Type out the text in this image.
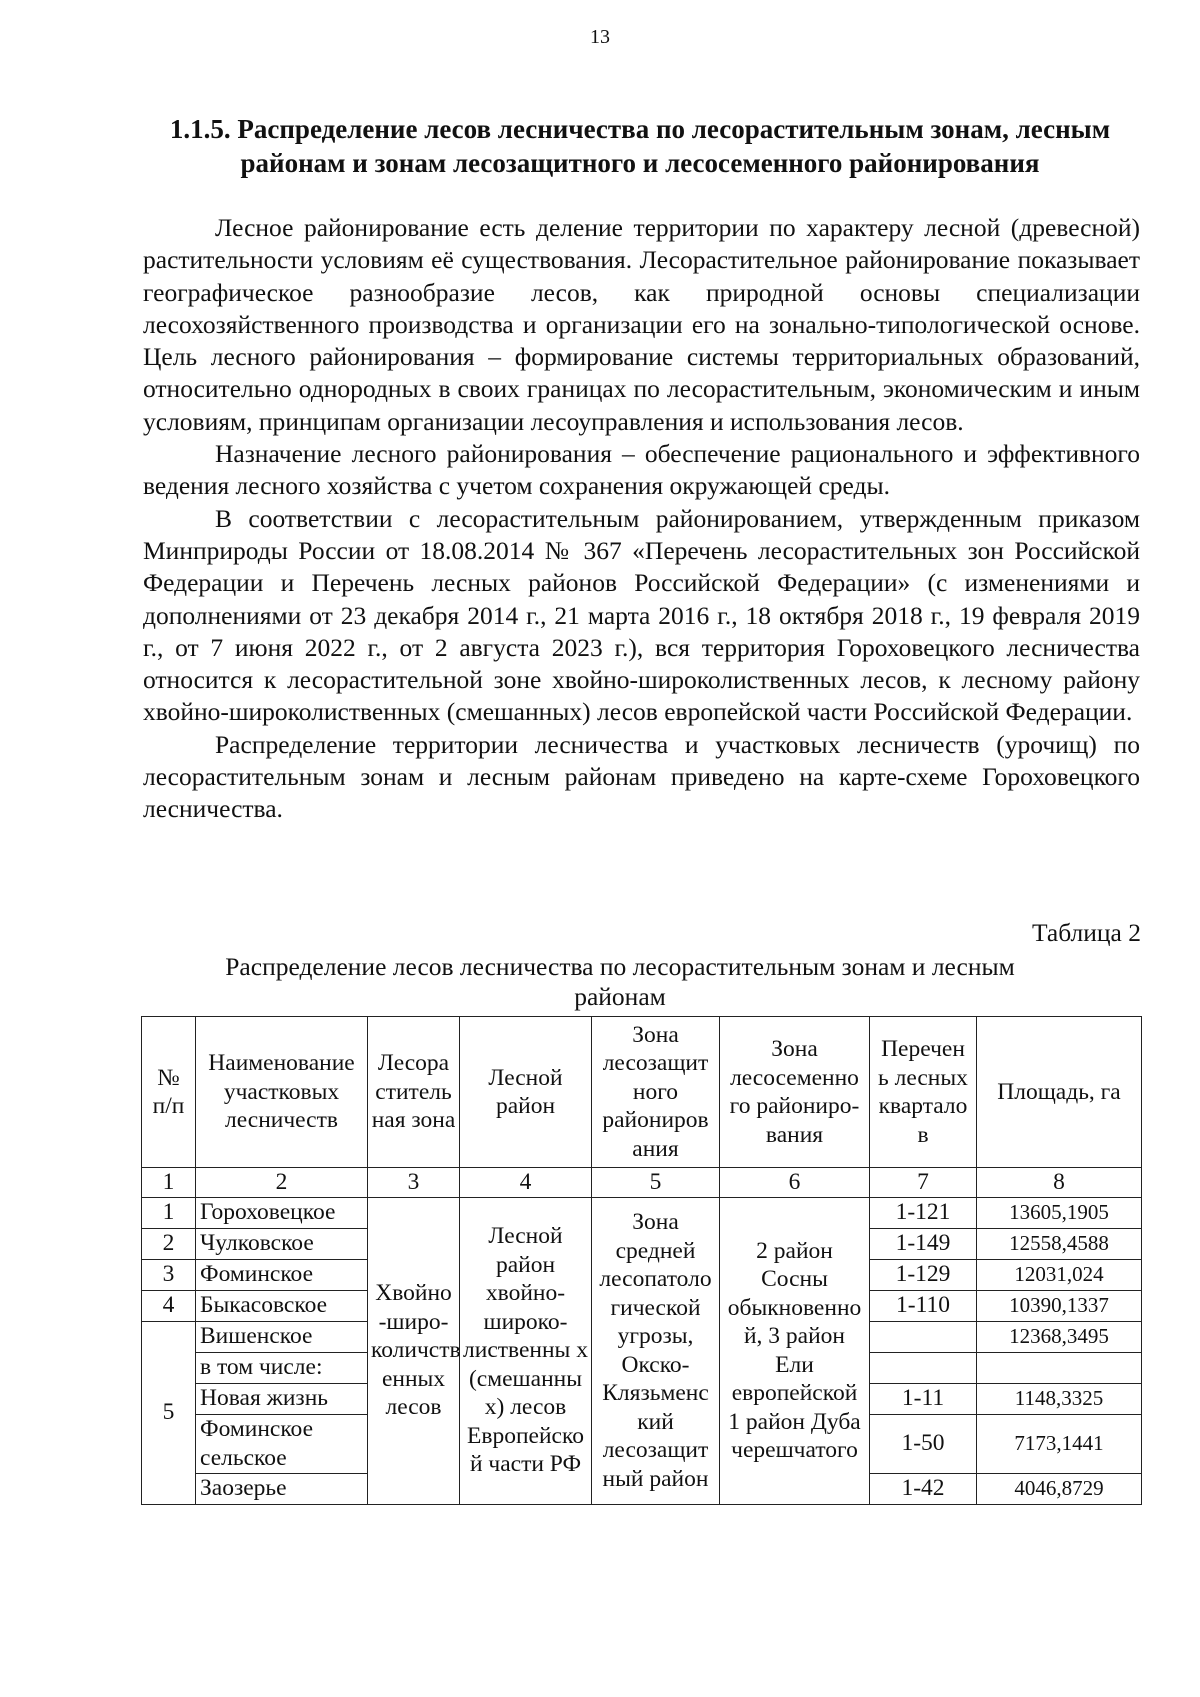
13
1.1.5. Распределение лесов лесничества по лесорастительным зонам, лесным районам и зонам лесозащитного и лесосеменного районирования

Лесное районирование есть деление территории по характеру лесной (древесной) растительности условиям её существования. Лесорастительное районирование показывает географическое разнообразие лесов, как природной основы специализации лесохозяйственного производства и организации его на зонально-типологической основе. Цель лесного районирования – формирование системы территориальных образований, относительно однородных в своих границах по лесорастительным, экономическим и иным условиям, принципам организации лесоуправления и использования лесов.

Назначение лесного районирования – обеспечение рационального и эффективного ведения лесного хозяйства с учетом сохранения окружающей среды.

В соответствии с лесорастительным районированием, утвержденным приказом Минприроды России от 18.08.2014 № 367 «Перечень лесорастительных зон Российской Федерации и Перечень лесных районов Российской Федерации» (с изменениями и дополнениями от 23 декабря 2014 г., 21 марта 2016 г., 18 октября 2018 г., 19 февраля 2019 г., от 7 июня 2022 г., от 2 августа 2023 г.), вся территория Гороховецкого лесничества относится к лесорастительной зоне хвойно-широколиственных лесов, к лесному району хвойно-широколиственных (смешанных) лесов европейской части Российской Федерации.

Распределение территории лесничества и участковых лесничеств (урочищ) по лесорастительным зонам и лесным районам приведено на карте-схеме Гороховецкого лесничества.

Таблица 2
Распределение лесов лесничества по лесорастительным зонам и лесным районам
№ п/п	Наименование участковых лесничеств	Лесора ститель ная зона	Лесной район	Зона лесозащит ного райониров ания	Зона лесосеменно го райониро-вания	Перечен ь лесных квартало в	Площадь, га
1	2	3	4	5	6	7	8
1	Гороховецкое	Хвойно -широ-количств енных лесов	Лесной район хвойно-широко-лиственны х (смешанны х) лесов Европейско й части РФ	Зона средней лесопатоло гической угрозы, Окско-Клязьменс кий лесозащит ный район	2 район Сосны обыкновенно й, 3 район Ели европейской 1 район Дуба черешчатого	1-121	13605,1905
2	Чулковское					1-149	12558,4588
3	Фоминское					1-129	12031,024
4	Быкасовское					1-110	10390,1337
5	Вишенское						12368,3495
	в том числе:						
	Новая жизнь					1-11	1148,3325
	Фоминское сельское					1-50	7173,1441
	Заозерье					1-42	4046,8729
